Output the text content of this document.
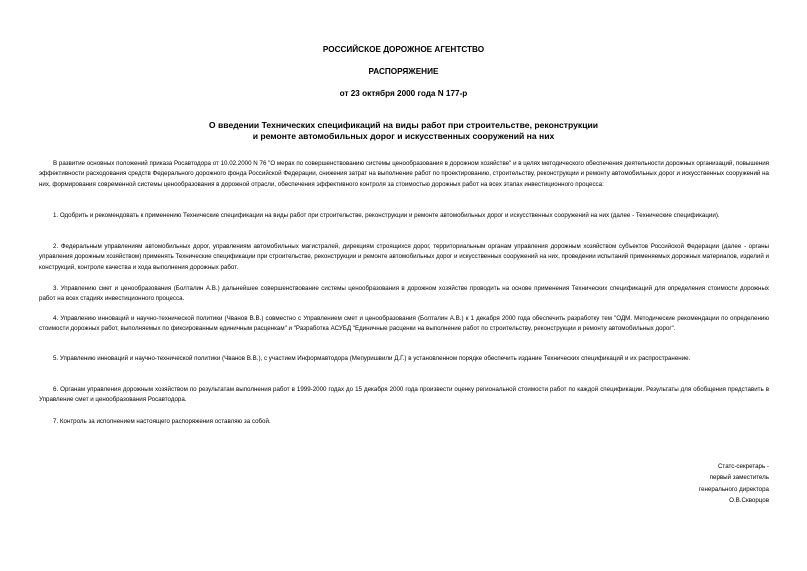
РОССИЙСКОЕ ДОРОЖНОЕ АГЕНТСТВО
РАСПОРЯЖЕНИЕ
от 23 октября 2000 года N 177-р
О введении Технических спецификаций на виды работ при строительстве, реконструкции
и ремонте автомобильных дорог и искусственных сооружений на них

В развитие основных положений приказа Росавтодора от 10.02.2000 N 76 "О мерах по совершенствованию системы ценообразования в дорожном хозяйстве" и в целях методического обеспечения деятельности дорожных организаций, повышения эффективности расходования средств Федерального дорожного фонда Российской Федерации, снижения затрат на выполнение работ по проектированию, строительству, реконструкции и ремонту автомобильных дорог и искусственных сооружений на них, формирования современной системы ценообразования в дорожной отрасли, обеспечения эффективного контроля за стоимостью дорожных работ на всех этапах инвестиционного процесса:

1. Одобрить и рекомендовать к применению Технические спецификации на виды работ при строительстве, реконструкции и ремонте автомобильных дорог и искусственных сооружений на них (далее - Технические спецификации).

2. Федеральным управлениям автомобильных дорог, управлениям автомобильных магистралей, дирекциям строящихся дорог, территориальным органам управления дорожным хозяйством субъектов Российской Федерации (далее - органы управления дорожным хозяйством) применять Технические спецификации при строительстве, реконструкции и ремонте автомобильных дорог и искусственных сооружений на них, проведении испытаний применяемых дорожных материалов, изделий и конструкций, контроле качества и хода выполнения дорожных работ.

3. Управлению смет и ценообразования (Болталин А.В.) дальнейшее совершенствование системы ценообразования в дорожном хозяйстве проводить на основе применения Технических спецификаций для определения стоимости дорожных работ на всех стадиях инвестиционного процесса.

4. Управлению инноваций и научно-технической политики (Чванов В.В.) совместно с Управлением смет и ценообразования (Болталин А.В.) к 1 декабря 2000 года обеспечить разработку тем "ОДМ. Методические рекомендации по определению стоимости дорожных работ, выполняемых по фиксированным единичным расценкам" и "Разработка АСУБД "Единичные расценки на выполнение работ по строительству, реконструкции и ремонту автомобильных дорог".

5. Управлению инноваций и научно-технической политики (Чванов В.В.), с участием Информавтодора (Мепуришвили Д.Г.) в установленном порядке обеспечить издание Технических спецификаций и их распространение.

6. Органам управления дорожным хозяйством по результатам выполнения работ в 1999-2000 годах до 15 декабря 2000 года произвести оценку региональной стоимости работ по каждой спецификации. Результаты для обобщения представить в Управление смет и ценообразования Росавтодора.

7. Контроль за исполнением настоящего распоряжения оставляю за собой.

Статс-секретарь -
первый заместитель
генерального директора
О.В.Скворцов
